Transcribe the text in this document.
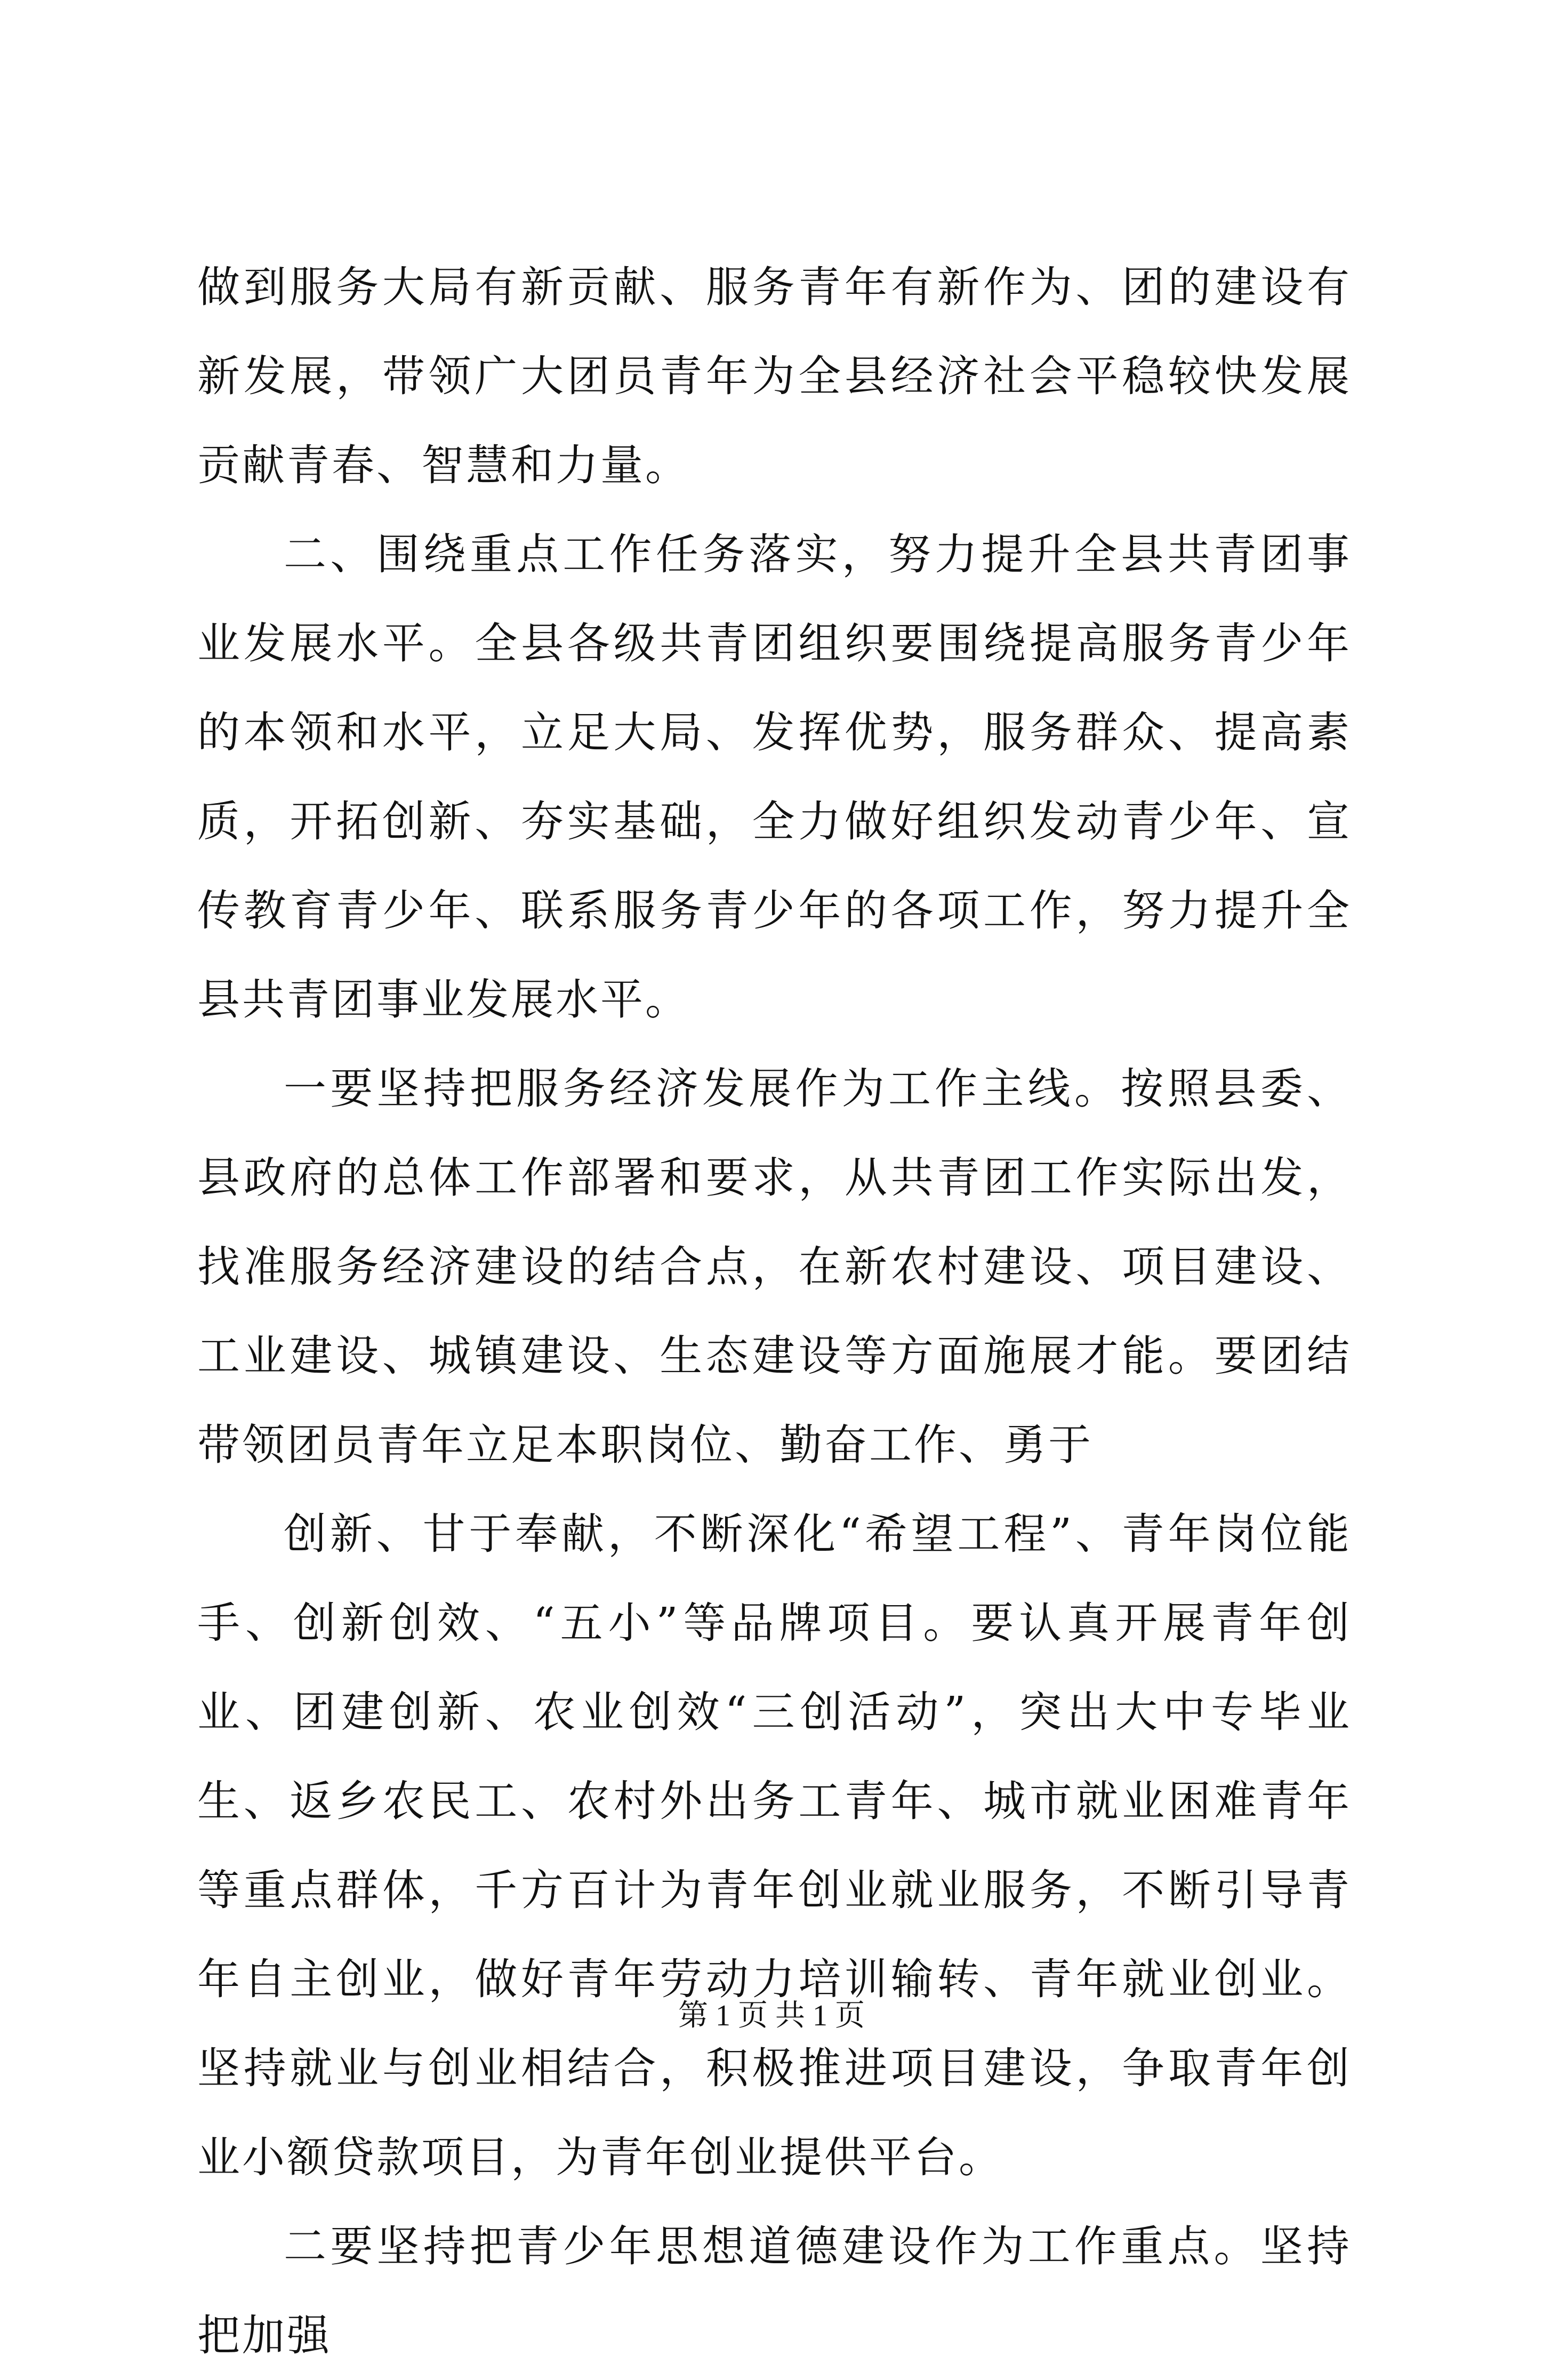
做到服务大局有新贡献、服务青年有新作为、团的建设有新发展，带领广大团员青年为全县经济社会平稳较快发展贡献青春、智慧和力量。

二、围绕重点工作任务落实，努力提升全县共青团事业发展水平。全县各级共青团组织要围绕提高服务青少年的本领和水平，立足大局、发挥优势，服务群众、提高素质，开拓创新、夯实基础，全力做好组织发动青少年、宣传教育青少年、联系服务青少年的各项工作，努力提升全县共青团事业发展水平。

一要坚持把服务经济发展作为工作主线。按照县委、县政府的总体工作部署和要求，从共青团工作实际出发，找准服务经济建设的结合点，在新农村建设、项目建设、工业建设、城镇建设、生态建设等方面施展才能。要团结带领团员青年立足本职岗位、勤奋工作、勇于

创新、甘于奉献，不断深化“希望工程”、青年岗位能手、创新创效、“五小”等品牌项目。要认真开展青年创业、团建创新、农业创效“三创活动”，突出大中专毕业生、返乡农民工、农村外出务工青年、城市就业困难青年等重点群体，千方百计为青年创业就业服务，不断引导青年自主创业，做好青年劳动力培训输转、青年就业创业。坚持就业与创业相结合，积极推进项目建设，争取青年创业小额贷款项目，为青年创业提供平台。

二要坚持把青少年思想道德建设作为工作重点。坚持把加强

第 1 页 共 1 页
